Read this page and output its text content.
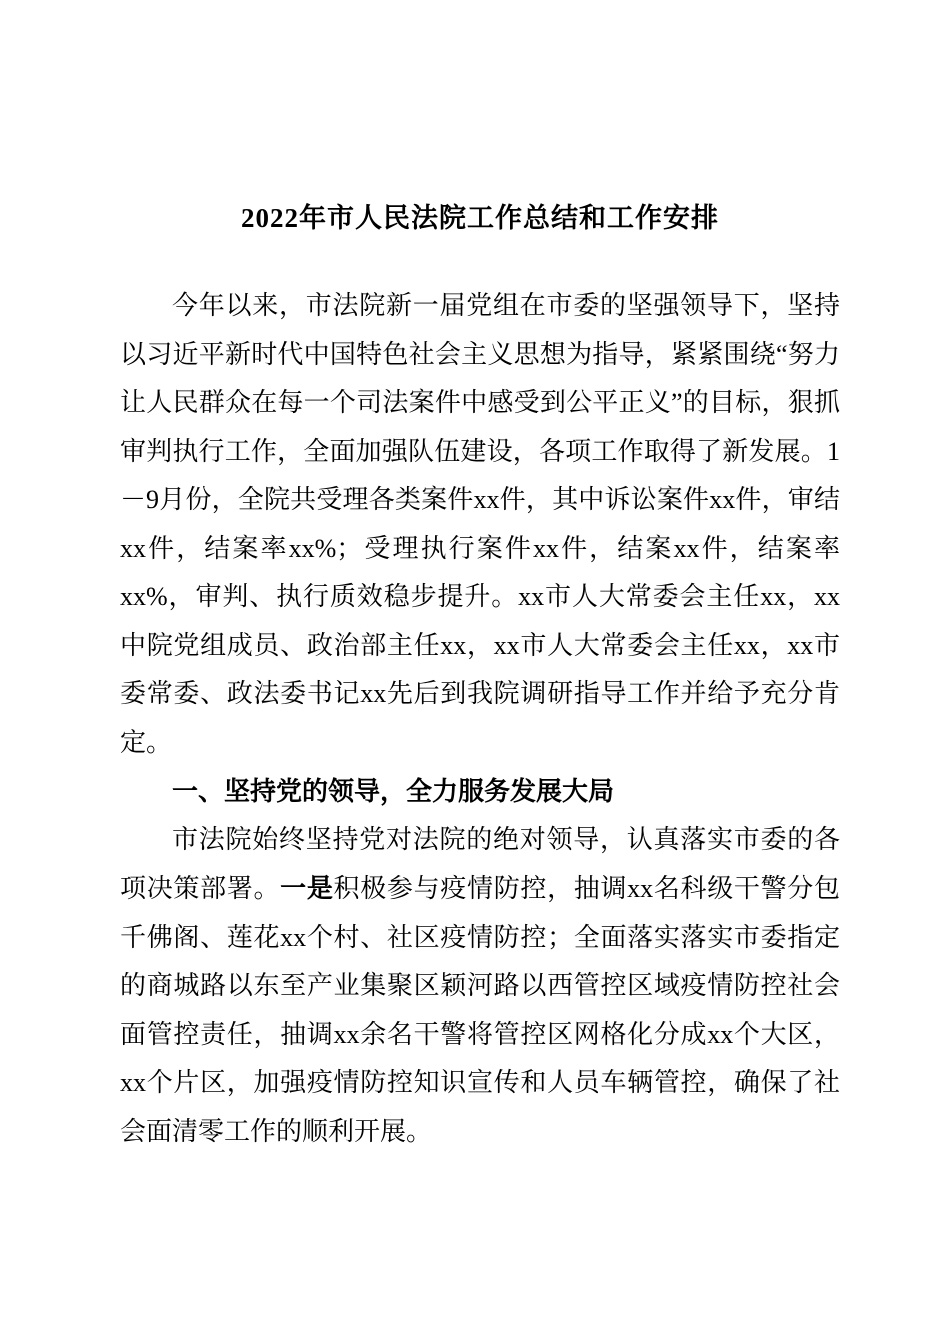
2022年市人民法院工作总结和工作安排

今年以来，市法院新一届党组在市委的坚强领导下，坚持以习近平新时代中国特色社会主义思想为指导，紧紧围绕“努力让人民群众在每一个司法案件中感受到公平正义”的目标，狠抓审判执行工作，全面加强队伍建设，各项工作取得了新发展。1－9月份，全院共受理各类案件xx件，其中诉讼案件xx件，审结xx件，结案率xx%；受理执行案件xx件，结案xx件，结案率xx%，审判、执行质效稳步提升。xx市人大常委会主任xx，xx中院党组成员、政治部主任xx，xx市人大常委会主任xx，xx市委常委、政法委书记xx先后到我院调研指导工作并给予充分肯定。

一、坚持党的领导，全力服务发展大局

市法院始终坚持党对法院的绝对领导，认真落实市委的各项决策部署。一是积极参与疫情防控，抽调xx名科级干警分包千佛阁、莲花xx个村、社区疫情防控；全面落实落实市委指定的商城路以东至产业集聚区颖河路以西管控区域疫情防控社会面管控责任，抽调xx余名干警将管控区网格化分成xx个大区，xx个片区，加强疫情防控知识宣传和人员车辆管控，确保了社会面清零工作的顺利开展。
